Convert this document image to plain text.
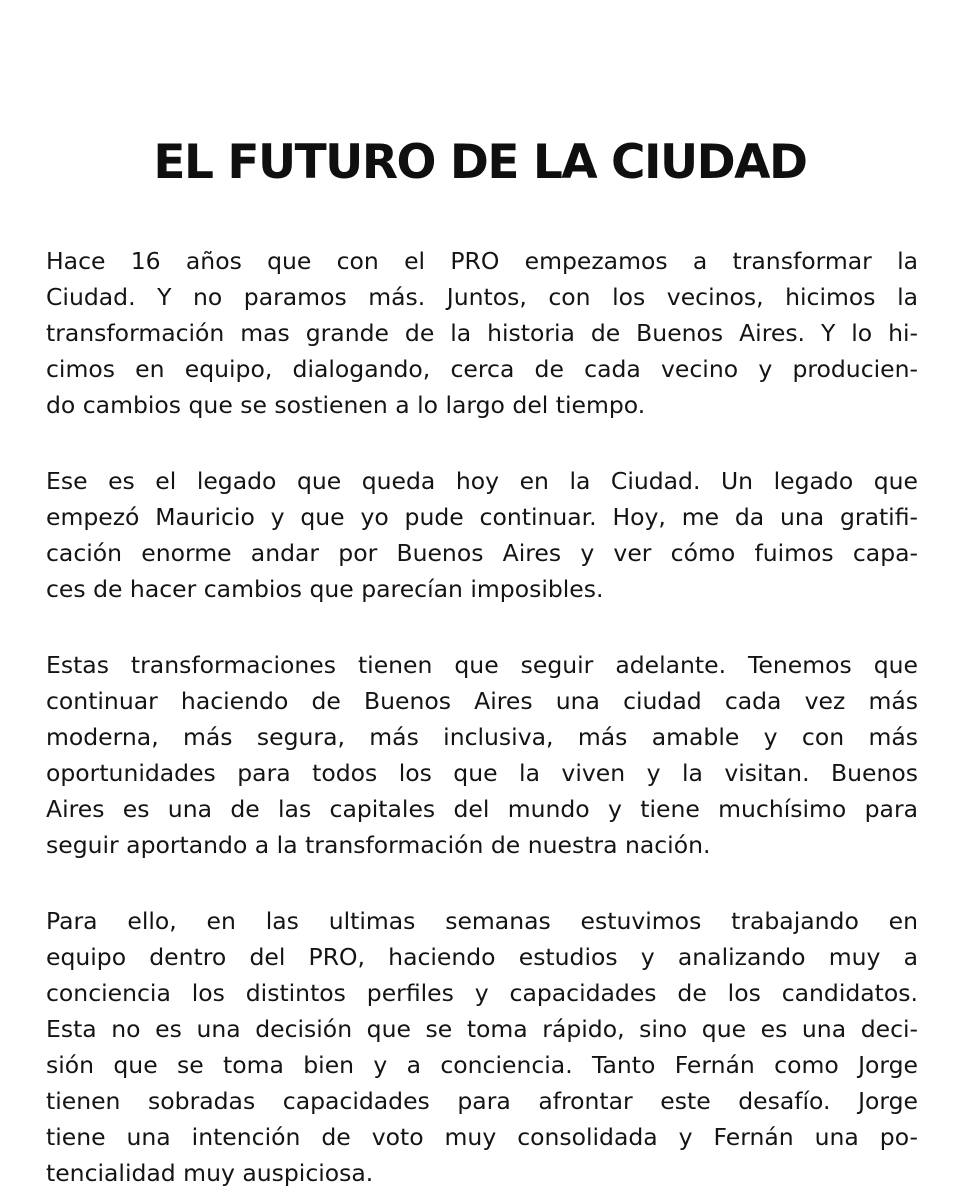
EL FUTURO DE LA CIUDAD
Hace 16 años que con el PRO empezamos a transformar la
Ciudad. Y no paramos más. Juntos, con los vecinos, hicimos la
transformación mas grande de la historia de Buenos Aires. Y lo hi-
cimos en equipo, dialogando, cerca de cada vecino y producien-
do cambios que se sostienen a lo largo del tiempo.
Ese es el legado que queda hoy en la Ciudad. Un legado que
empezó Mauricio y que yo pude continuar. Hoy, me da una gratifi-
cación enorme andar por Buenos Aires y ver cómo fuimos capa-
ces de hacer cambios que parecían imposibles.
Estas transformaciones tienen que seguir adelante. Tenemos que
continuar haciendo de Buenos Aires una ciudad cada vez más
moderna, más segura, más inclusiva, más amable y con más
oportunidades para todos los que la viven y la visitan. Buenos
Aires es una de las capitales del mundo y tiene muchísimo para
seguir aportando a la transformación de nuestra nación.
Para ello, en las ultimas semanas estuvimos trabajando en
equipo dentro del PRO, haciendo estudios y analizando muy a
conciencia los distintos perfiles y capacidades de los candidatos.
Esta no es una decisión que se toma rápido, sino que es una deci-
sión que se toma bien y a conciencia. Tanto Fernán como Jorge
tienen sobradas capacidades para afrontar este desafío. Jorge
tiene una intención de voto muy consolidada y Fernán una po-
tencialidad muy auspiciosa.
